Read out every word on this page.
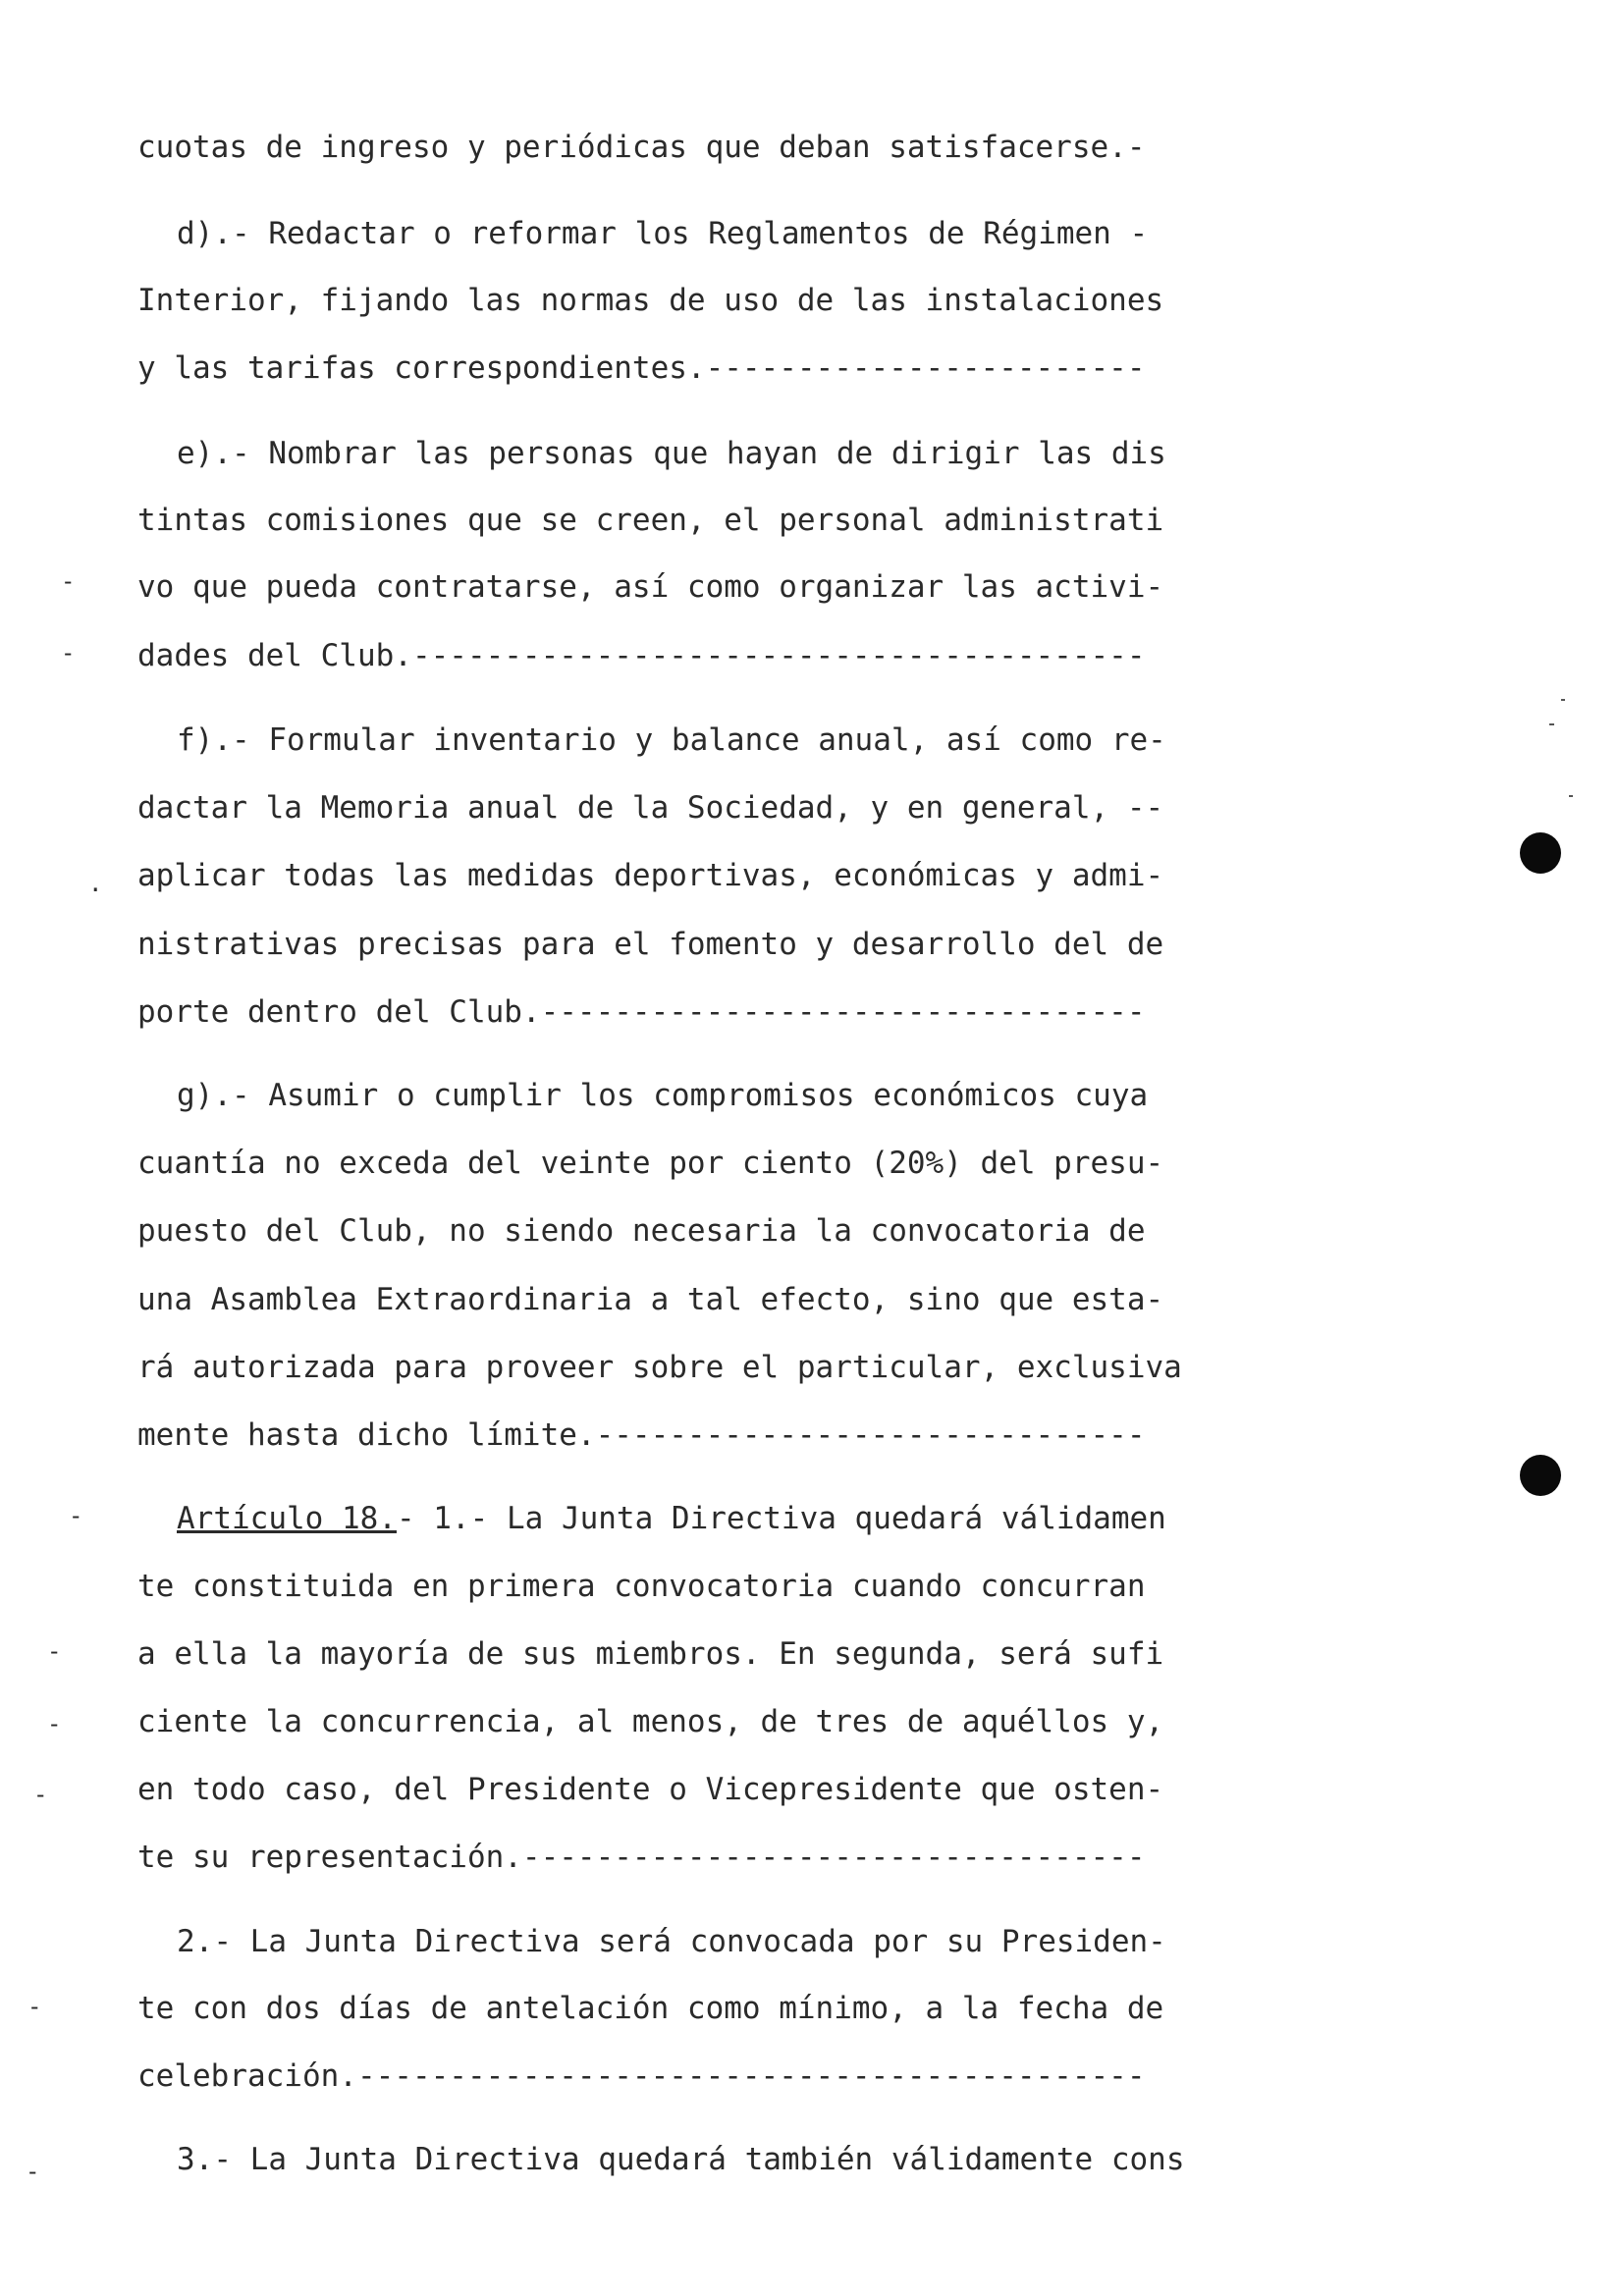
-
-
.
-
-
-
-
-
-
cuotas de ingreso y periódicas que deban satisfacerse.-
d).- Redactar o reformar los Reglamentos de Régimen -
Interior, fijando las normas de uso de las instalaciones
y las tarifas correspondientes.------------------------
e).- Nombrar las personas que hayan de dirigir las dis
tintas comisiones que se creen, el personal administrati
vo que pueda contratarse, así como organizar las activi-
dades del Club.----------------------------------------
f).- Formular inventario y balance anual, así como re-
dactar la Memoria anual de la Sociedad, y en general, --
aplicar todas las medidas deportivas, económicas y admi-
nistrativas precisas para el fomento y desarrollo del de
porte dentro del Club.---------------------------------
g).- Asumir o cumplir los compromisos económicos cuya
cuantía no exceda del veinte por ciento (20%) del presu-
puesto del Club, no siendo necesaria la convocatoria de
una Asamblea Extraordinaria a tal efecto, sino que esta-
rá autorizada para proveer sobre el particular, exclusiva
mente hasta dicho límite.------------------------------
Artículo 18.- 1.- La Junta Directiva quedará válidamen
te constituida en primera convocatoria cuando concurran
a ella la mayoría de sus miembros. En segunda, será sufi
ciente la concurrencia, al menos, de tres de aquéllos y,
en todo caso, del Presidente o Vicepresidente que osten-
te su representación.----------------------------------
2.- La Junta Directiva será convocada por su Presiden-
te con dos días de antelación como mínimo, a la fecha de
celebración.-------------------------------------------
3.- La Junta Directiva quedará también válidamente cons
